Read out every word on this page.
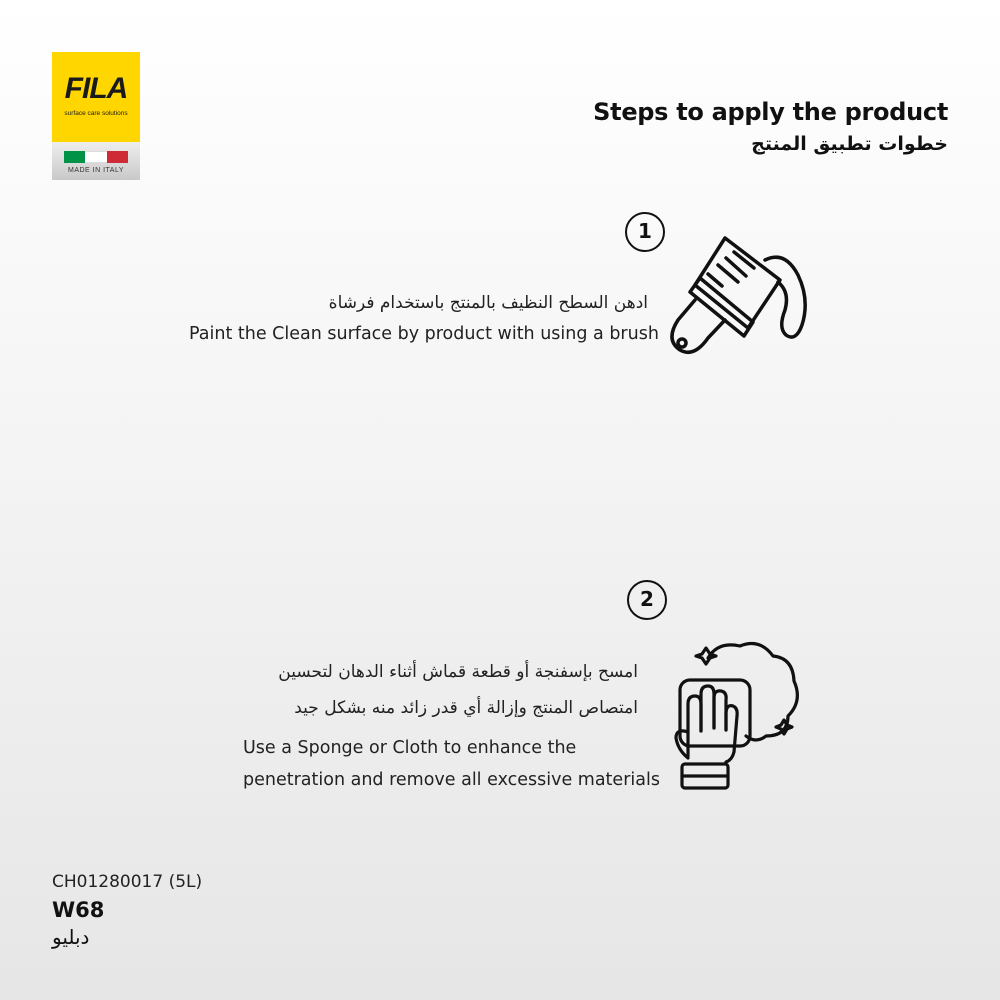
FILA
surface care solutions
MADE IN ITALY
Steps to apply the product
خطوات تطبيق المنتج
1
ادهن السطح النظيف بالمنتج باستخدام فرشاة
Paint the Clean surface by product with using a brush
2
امسح بإسفنجة أو قطعة قماش أثناء الدهان لتحسين
امتصاص المنتج وإزالة أي قدر زائد منه بشكل جيد
Use a Sponge or Cloth to enhance the
penetration and remove all excessive materials
CH01280017 (5L)
W68
دبليو
